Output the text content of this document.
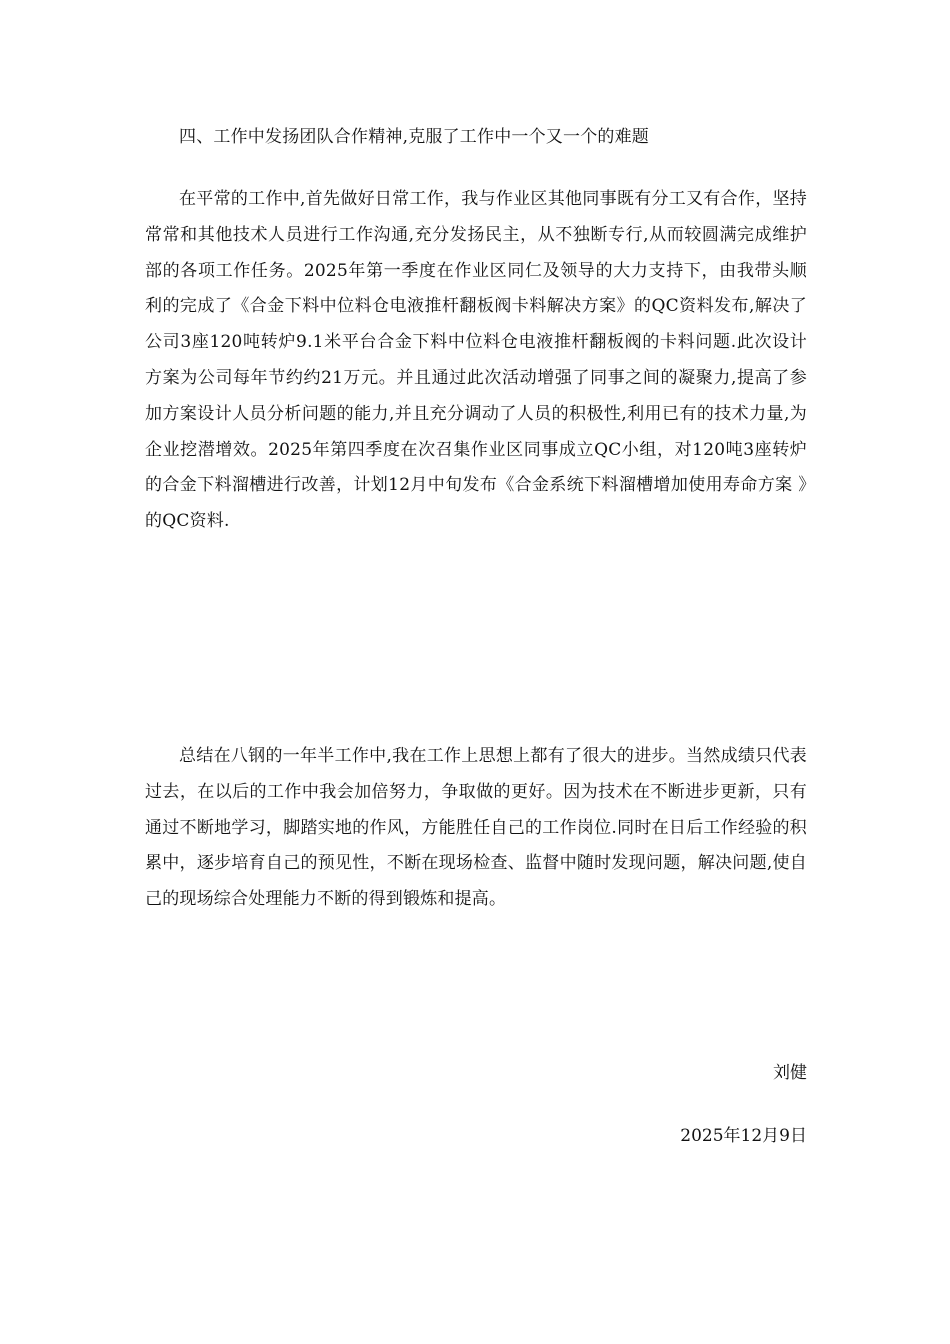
四、工作中发扬团队合作精神,克服了工作中一个又一个的难题

在平常的工作中,首先做好日常工作，我与作业区其他同事既有分工又有合作，坚持常常和其他技术人员进行工作沟通,充分发扬民主，从不独断专行,从而较圆满完成维护部的各项工作任务。2025年第一季度在作业区同仁及领导的大力支持下，由我带头顺利的完成了《合金下料中位料仓电液推杆翻板阀卡料解决方案》的QC资料发布,解决了公司3座120吨转炉9.1米平台合金下料中位料仓电液推杆翻板阀的卡料问题.此次设计方案为公司每年节约约21万元。并且通过此次活动增强了同事之间的凝聚力,提高了参加方案设计人员分析问题的能力,并且充分调动了人员的积极性,利用已有的技术力量,为企业挖潜增效。2025年第四季度在次召集作业区同事成立QC小组，对120吨3座转炉的合金下料溜槽进行改善，计划12月中旬发布《合金系统下料溜槽增加使用寿命方案 》的QC资料.

总结在八钢的一年半工作中,我在工作上思想上都有了很大的进步。当然成绩只代表过去，在以后的工作中我会加倍努力，争取做的更好。因为技术在不断进步更新，只有通过不断地学习，脚踏实地的作风，方能胜任自己的工作岗位.同时在日后工作经验的积累中，逐步培育自己的预见性，不断在现场检查、监督中随时发现问题，解决问题,使自己的现场综合处理能力不断的得到锻炼和提高。

刘健

2025年12月9日
